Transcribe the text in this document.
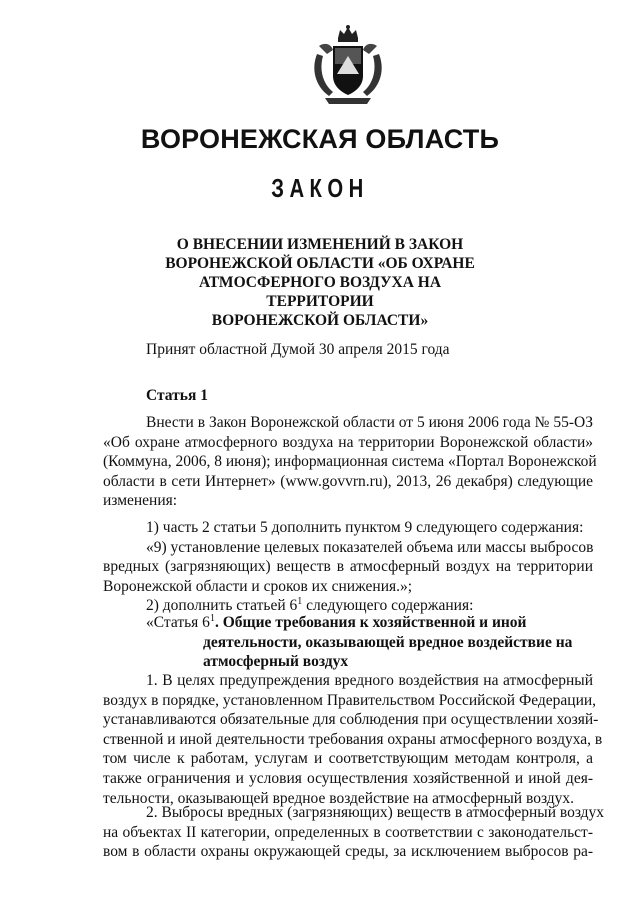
ВОРОНЕЖСКАЯ ОБЛАСТЬ
ЗАКОН
О ВНЕСЕНИИ ИЗМЕНЕНИЙ В ЗАКОН
ВОРОНЕЖСКОЙ ОБЛАСТИ «ОБ ОХРАНЕ
АТМОСФЕРНОГО ВОЗДУХА НА ТЕРРИТОРИИ
ВОРОНЕЖСКОЙ ОБЛАСТИ»

Принят областной Думой 30 апреля 2015 года

Статья 1

Внести в Закон Воронежской области от 5 июня 2006 года № 55-ОЗ
«Об охране атмосферного воздуха на территории Воронежской области»
(Коммуна, 2006, 8 июня); информационная система «Портал Воронежской
области в сети Интернет» (www.govvrn.ru), 2013, 26 декабря) следующие
изменения:
1) часть 2 статьи 5 дополнить пунктом 9 следующего содержания:
«9) установление целевых показателей объема или массы выбросов
вредных (загрязняющих) веществ в атмосферный воздух на территории
Воронежской области и сроков их снижения.»;
2) дополнить статьей $6^1$ следующего содержания:
«Статья $6^1$. Общие требования к хозяйственной и иной
деятельности, оказывающей вредное воздействие на
атмосферный воздух
1. В целях предупреждения вредного воздействия на атмосферный
воздух в порядке, установленном Правительством Российской Федерации,
устанавливаются обязательные для соблюдения при осуществлении хозяй-
ственной и иной деятельности требования охраны атмосферного воздуха, в
том числе к работам, услугам и соответствующим методам контроля, а
также ограничения и условия осуществления хозяйственной и иной дея-
тельности, оказывающей вредное воздействие на атмосферный воздух.
2. Выбросы вредных (загрязняющих) веществ в атмосферный воздух
на объектах II категории, определенных в соответствии с законодательст-
вом в области охраны окружающей среды, за исключением выбросов ра-
